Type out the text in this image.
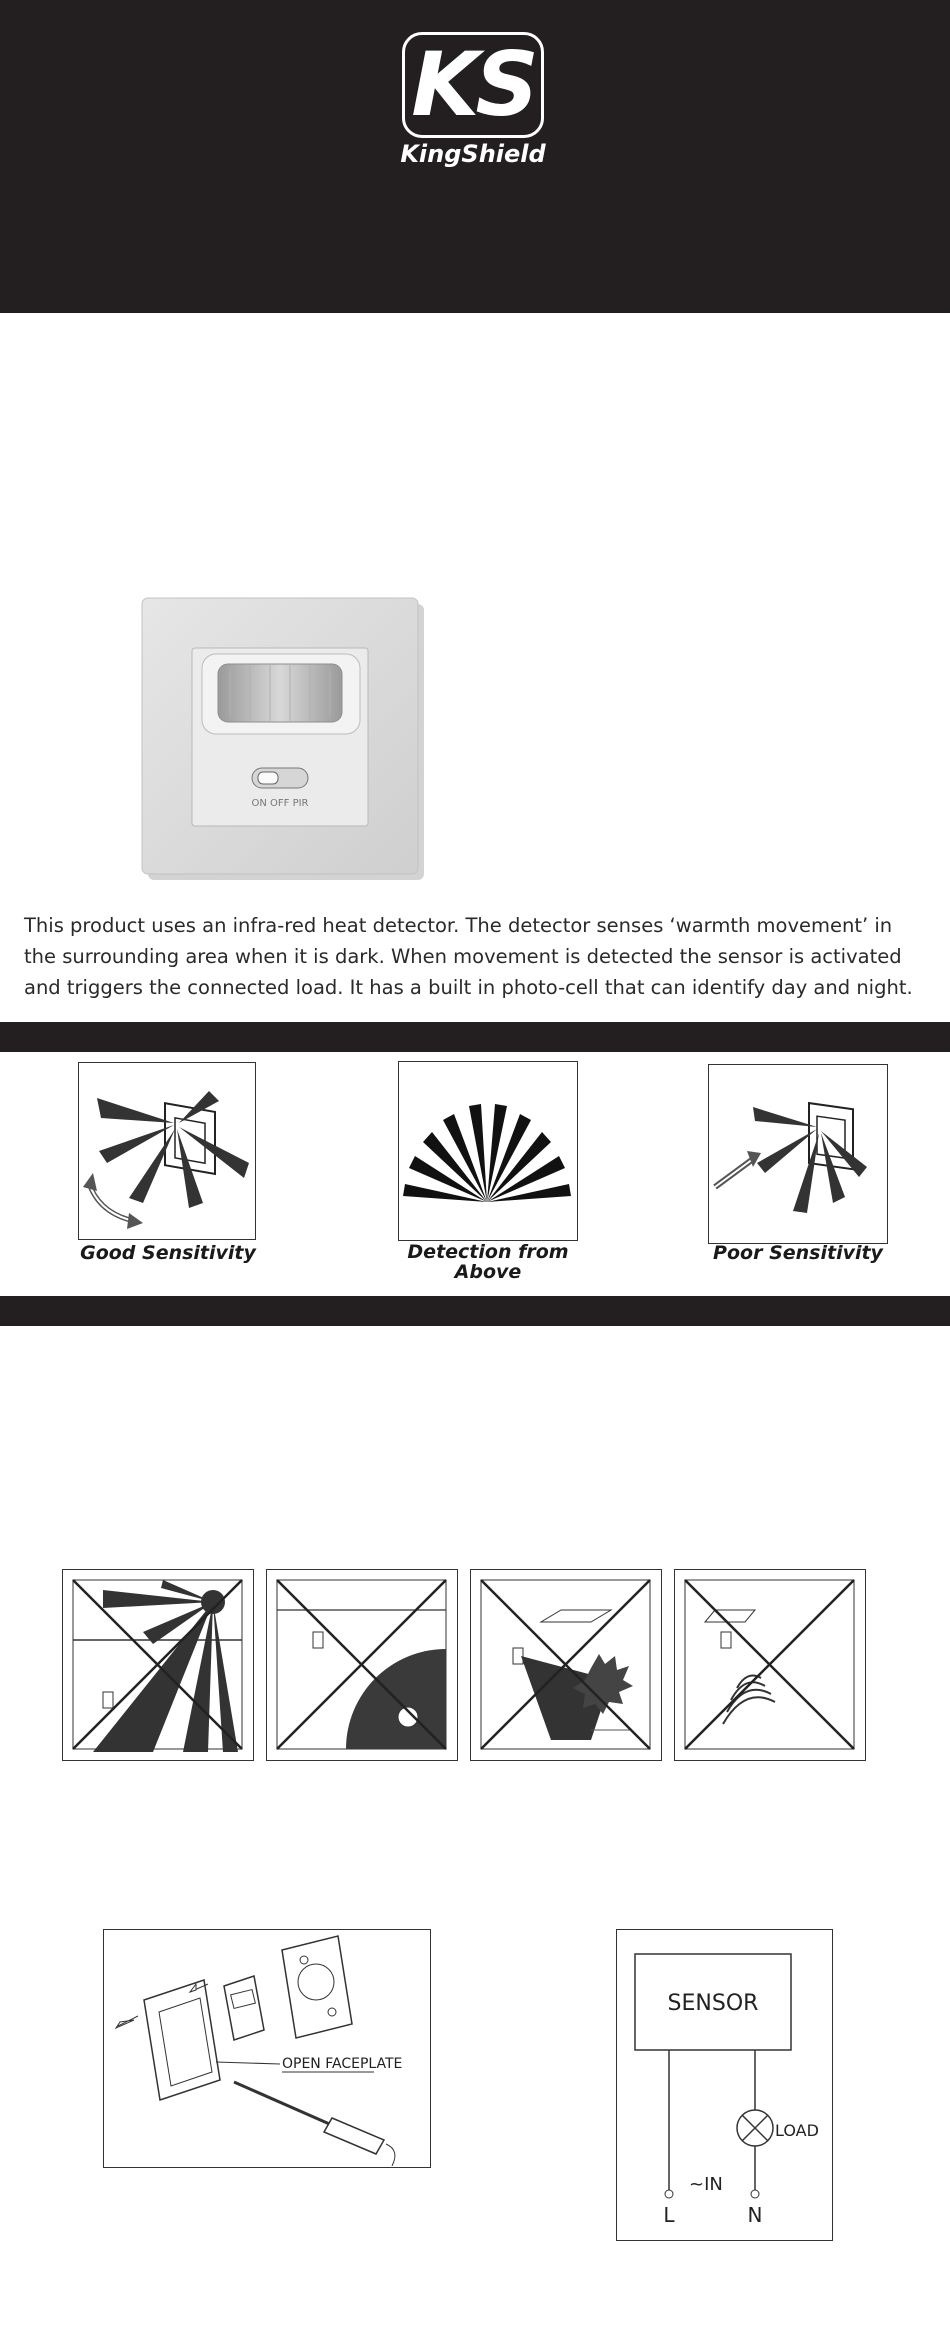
KS
KingShield
ON OFF PIR
This product uses an infra-red heat detector. The detector senses ‘warmth movement’ in the surrounding area when it is dark. When movement is detected the sensor is activated and triggers the connected load. It has a built in photo-cell that can identify day and night.
Good Sensitivity	Detection from Above
Poor Sensitivity
OPEN FACEPLATE
SENSOR
LOAD
~IN
L	N
